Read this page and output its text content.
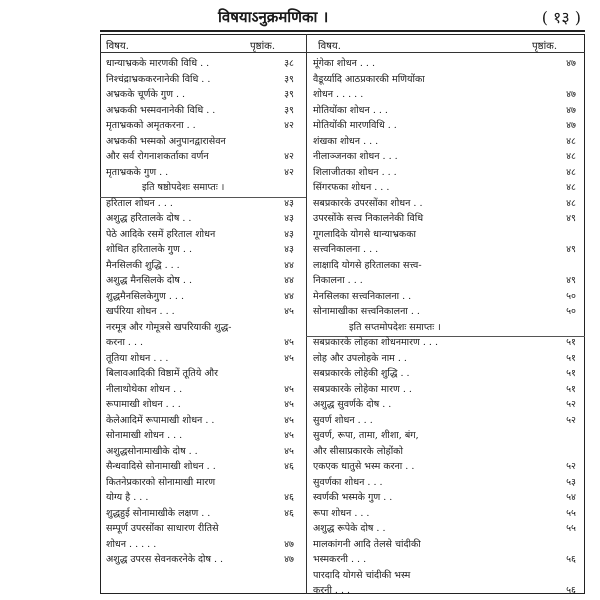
विषयाऽनुक्रमणिका ।	( १३ )
विषय.	पृष्ठांक.	विषय.	पृष्ठांक.
धान्याभ्रकके मारणकी विधि . .	३८
निश्चंद्राभ्रककरनानेकी विधि . .	३९
अभ्रकके चूर्णके गुण . .	३९
अभ्रककी भस्मवनानेकी विधि . .	३९
मृताभ्रकको अमृतकरना . .	४२
अभ्रककी भस्मको अनुपानद्वारासेवन
और सर्व रोगनाशकर्ताका वर्णन	४२
मृताभ्रकके गुण . .	४२
इति षष्ठोपदेशः समाप्तः ।
हरिताल शोधन . . .	४३
अशुद्ध हरितालके दोष . .	४३
पेठे आदिके रसमें हरिताल शोधन	४३
शोधित हरितालके गुण . .	४३
मैनसिलकी शुद्धि . . .	४४
अशुद्ध मैनसिलके दोष . .	४४
शुद्धमैनसिलकेगुण . . .	४४
खर्परिया शोधन . . .	४५
नरमूत्र और गोमूत्रसे खपरियाकी शुद्ध-
करना . . .	४५
तूतिया शोधन . . .	४५
बिलावआदिकी विष्ठामें तूतिये और
नीलाथोथेका शोधन . .	४५
रूपामाखी शोधन . . .	४५
केलेआदिमें रूपामाखी शोधन . .	४५
सोनामाखी शोधन . . .	४५
अशुद्धसोनामाखीके दोष . .	४५
सैन्धवादिसे सोनामाखी शोधन . .	४६
कितनेप्रकारको सोनामाखी मारण
योग्य है . . .	४६
शुद्धहुई सोनामाखीके लक्षण . .	४६
सम्पूर्ण उपरसोंका साधारण रीतिसे
शोधन . . . . .	४७
अशुद्ध उपरस सेवनकरनेके दोष . .	४७
मूंगेका शोधन . . .	४७
वैडूर्य्यादि आठप्रकारकी मणियोंका
शोधन . . . . .	४७
मोतियोंका शोधन . . .	४७
मोतियोंकी मारणविधि . .	४७
शंखका शोधन . . .	४८
नीलाञ्जनका शोधन . . .	४८
शिलाजीतका शोधन . . .	४८
सिंगरफका शोधन . . .	४८
सबप्रकारके उपरसोंका शोधन . .	४८
उपरसोंके सत्त्व निकालनेकी विधि	४९
गूगलादिके योगसे धान्याभ्रकका
सत्त्वनिकालना . . .	४९
लाक्षादि योगसे हरितालका सत्त्व-
निकालना . . .	४९
मेनसिलका सत्त्वनिकालना . .	५०
सोनामाखीका सत्त्वनिकालना . .	५०
इति सप्तमोपदेशः समाप्तः ।
सबप्रकारके लोहका शोधनमारण . . .	५१
लोह और उपलोहके नाम . .	५१
सबप्रकारके लोहेकी शुद्धि . .	५१
सबप्रकारके लोहेका मारण . .	५१
अशुद्ध सुवर्णके दोष . .	५२
सुवर्ण शोधन . . .	५२
सुवर्ण, रूपा, तामा, शीशा, बंग,
और सीसाप्रकारके लोहोंको
एकएक धातुसे भस्म करना . .	५२
सुवर्णका शोधन . . .	५३
स्वर्णकी भस्मके गुण . .	५४
रूपा शोधन . . .	५५
अशुद्ध रूपेके दोष . .	५५
मालकांगनी आदि तेलसे चांदीकी
भस्मकरनी . . .	५६
पारदादि योगसे चांदीकी भस्म
करनी . . .	५६
